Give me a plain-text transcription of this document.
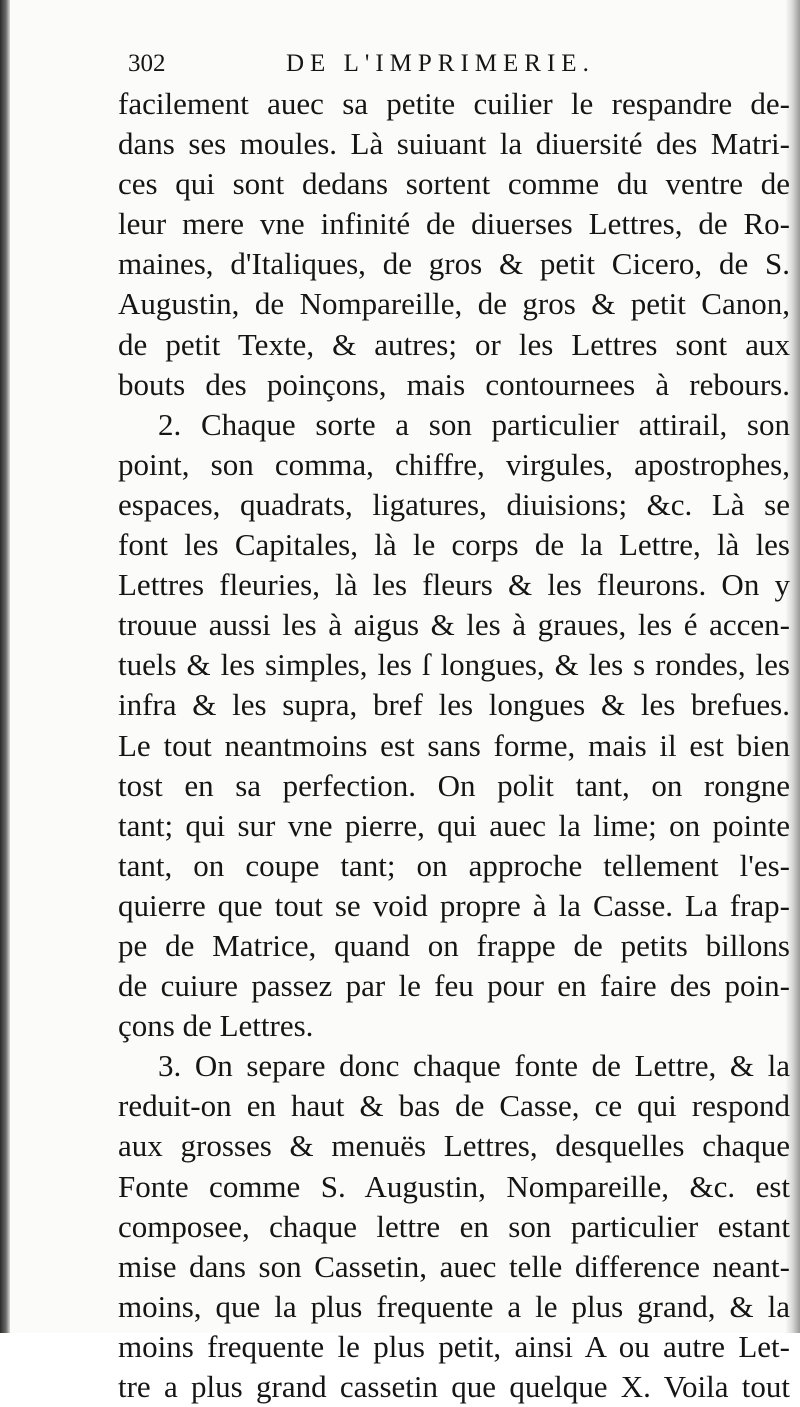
302	DE L'IMPRIMERIE.
facilement auec sa petite cuilier le respandre de-
dans ses moules. Là suiuant la diuersité des Matri-
ces qui sont dedans sortent comme du ventre de
leur mere vne infinité de diuerses Lettres, de Ro-
maines, d'Italiques, de gros & petit Cicero, de S.
Augustin, de Nompareille, de gros & petit Canon,
de petit Texte, & autres; or les Lettres sont aux
bouts des poinçons, mais contournees à rebours.
2. Chaque sorte a son particulier attirail, son
point, son comma, chiffre, virgules, apostrophes,
espaces, quadrats, ligatures, diuisions; &c. Là se
font les Capitales, là le corps de la Lettre, là les
Lettres fleuries, là les fleurs & les fleurons. On y
trouue aussi les à aigus & les à graues, les é accen-
tuels & les simples, les ſ longues, & les s rondes, les
infra & les supra, bref les longues & les brefues.
Le tout neantmoins est sans forme, mais il est bien
tost en sa perfection. On polit tant, on rongne
tant; qui sur vne pierre, qui auec la lime; on pointe
tant, on coupe tant; on approche tellement l'es-
quierre que tout se void propre à la Casse. La frap-
pe de Matrice, quand on frappe de petits billons
de cuiure passez par le feu pour en faire des poin-
çons de Lettres.
3. On separe donc chaque fonte de Lettre, & la
reduit-on en haut & bas de Casse, ce qui respond
aux grosses & menuës Lettres, desquelles chaque
Fonte comme S. Augustin, Nompareille, &c. est
composee, chaque lettre en son particulier estant
mise dans son Cassetin, auec telle difference neant-
moins, que la plus frequente a le plus grand, & la
moins frequente le plus petit, ainsi A ou autre Let-
tre a plus grand cassetin que quelque X. Voila tout
